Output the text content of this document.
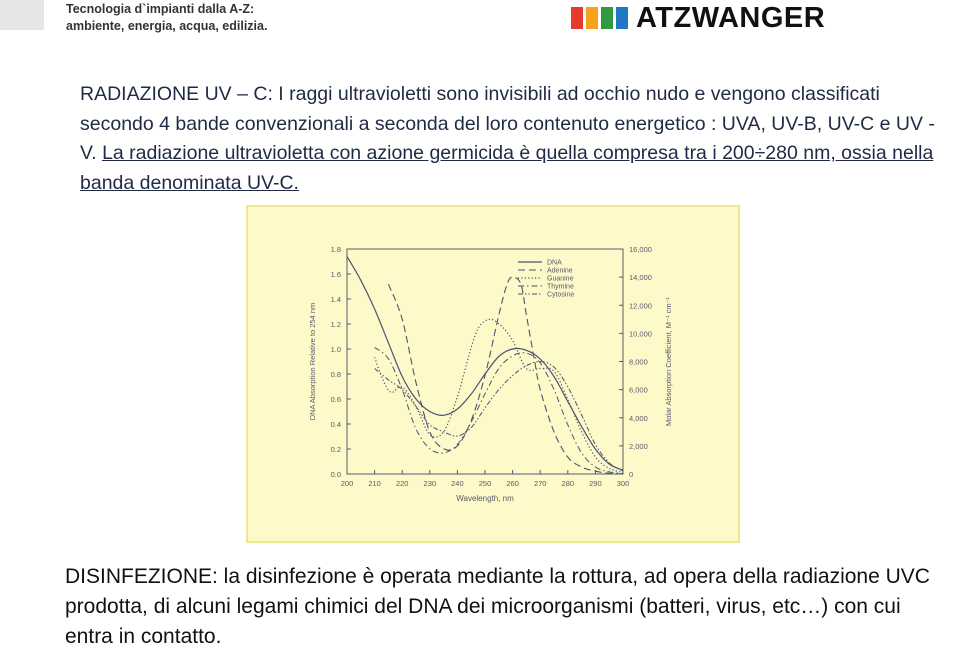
Tecnologia d`impianti dalla A-Z:
ambiente, energia, acqua, edilizia.	ATZWANGER

RADIAZIONE UV – C: I raggi ultravioletti sono invisibili ad occhio nudo e vengono classificati secondo 4 bande convenzionali a seconda del loro contenuto energetico : UVA, UV-B, UV-C e UV - V. La radiazione ultravioletta con azione germicida è quella compresa tra i 200÷280 nm, ossia nella banda denominata UV-C.

200 210 220 230 240 250 260 270 280 290 300
0.0
0.2
0.4
0.6
0.8
1.0
1.2
1.4
1.6
1.8
0
2,000
4,000
6,000
8,000
10,000
12,000
14,000
16,000
Wavelength, nm
DNA Absorption Relative to 254 nm	Molar Absorption Coefficient, M⁻¹ cm⁻¹
DNA
Adenine
Guanine
Thymine
Cytosine

DISINFEZIONE: la disinfezione è operata mediante la rottura, ad opera della radiazione UVC prodotta, di alcuni legami chimici del DNA dei microorganismi (batteri, virus, etc…) con cui entra in contatto.
